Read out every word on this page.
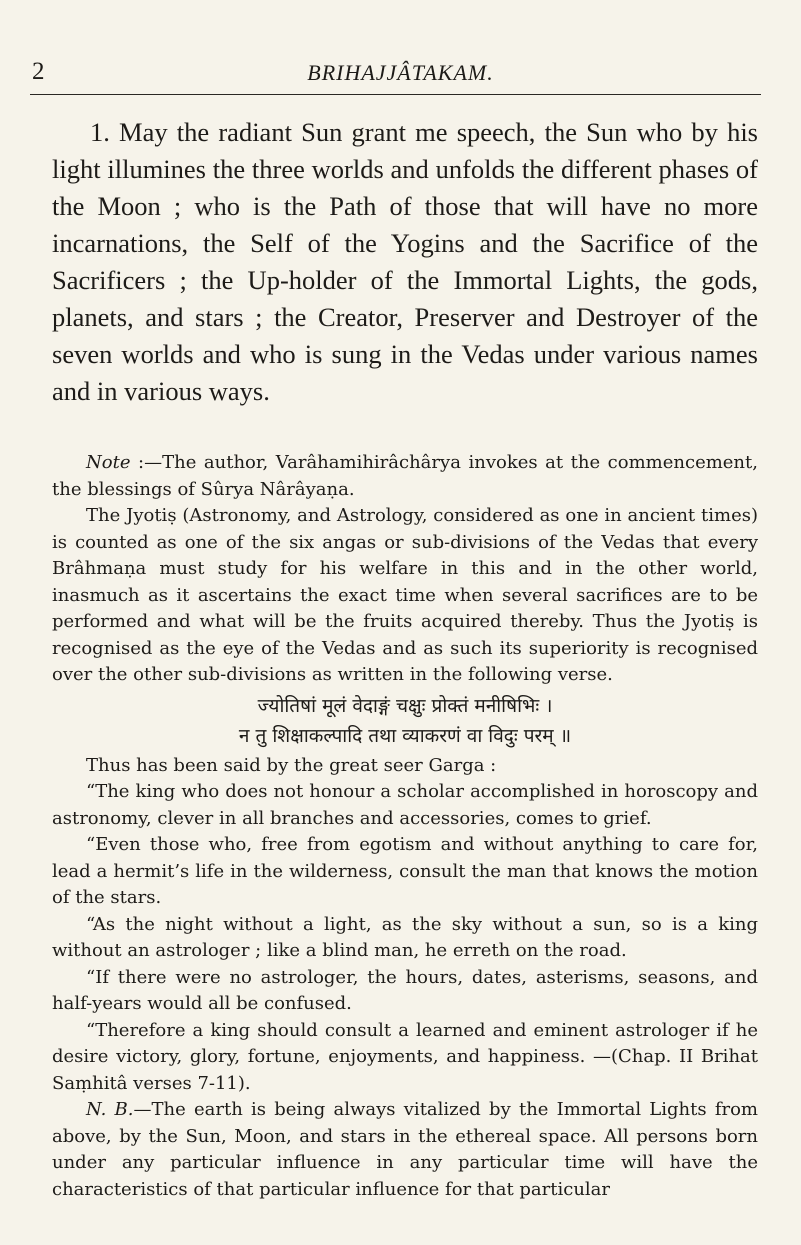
2	BRIHAJJÂTAKAM.

1. May the radiant Sun grant me speech, the Sun who by his light illumines the three worlds and unfolds the different phases of the Moon ; who is the Path of those that will have no more incarnations, the Self of the Yogins and the Sacrifice of the Sacrificers ; the Up-holder of the Immortal Lights, the gods, planets, and stars ; the Creator, Preserver and Destroyer of the seven worlds and who is sung in the Vedas under various names and in various ways.

Note :—The author, Varâhamihirâchârya invokes at the commencement, the blessings of Sûrya Nârâyaṇa.

The Jyotiṣ (Astronomy, and Astrology, considered as one in ancient times) is counted as one of the six angas or sub-divisions of the Vedas that every Brâhmaṇa must study for his welfare in this and in the other world, inasmuch as it ascertains the exact time when several sacrifices are to be performed and what will be the fruits acquired thereby. Thus the Jyotiṣ is recognised as the eye of the Vedas and as such its superiority is recognised over the other sub-divisions as written in the following verse.

ज्योतिषां मूलं वेदाङ्गं चक्षुः प्रोक्तं मनीषिभिः ।
न तु शिक्षाकल्पादि तथा व्याकरणं वा विदुः परम् ॥

Thus has been said by the great seer Garga :

“The king who does not honour a scholar accomplished in horoscopy and astronomy, clever in all branches and accessories, comes to grief.

“Even those who, free from egotism and without anything to care for, lead a hermit’s life in the wilderness, consult the man that knows the motion of the stars.

“As the night without a light, as the sky without a sun, so is a king without an astrologer ; like a blind man, he erreth on the road.

“If there were no astrologer, the hours, dates, asterisms, seasons, and half-years would all be confused.

“Therefore a king should consult a learned and eminent astrologer if he desire victory, glory, fortune, enjoyments, and happiness. —(Chap. II Brihat Saṃhitâ verses 7-11).

N. B.—The earth is being always vitalized by the Immortal Lights from above, by the Sun, Moon, and stars in the ethereal space. All persons born under any particular influence in any particular time will have the characteristics of that particular influence for that particular
